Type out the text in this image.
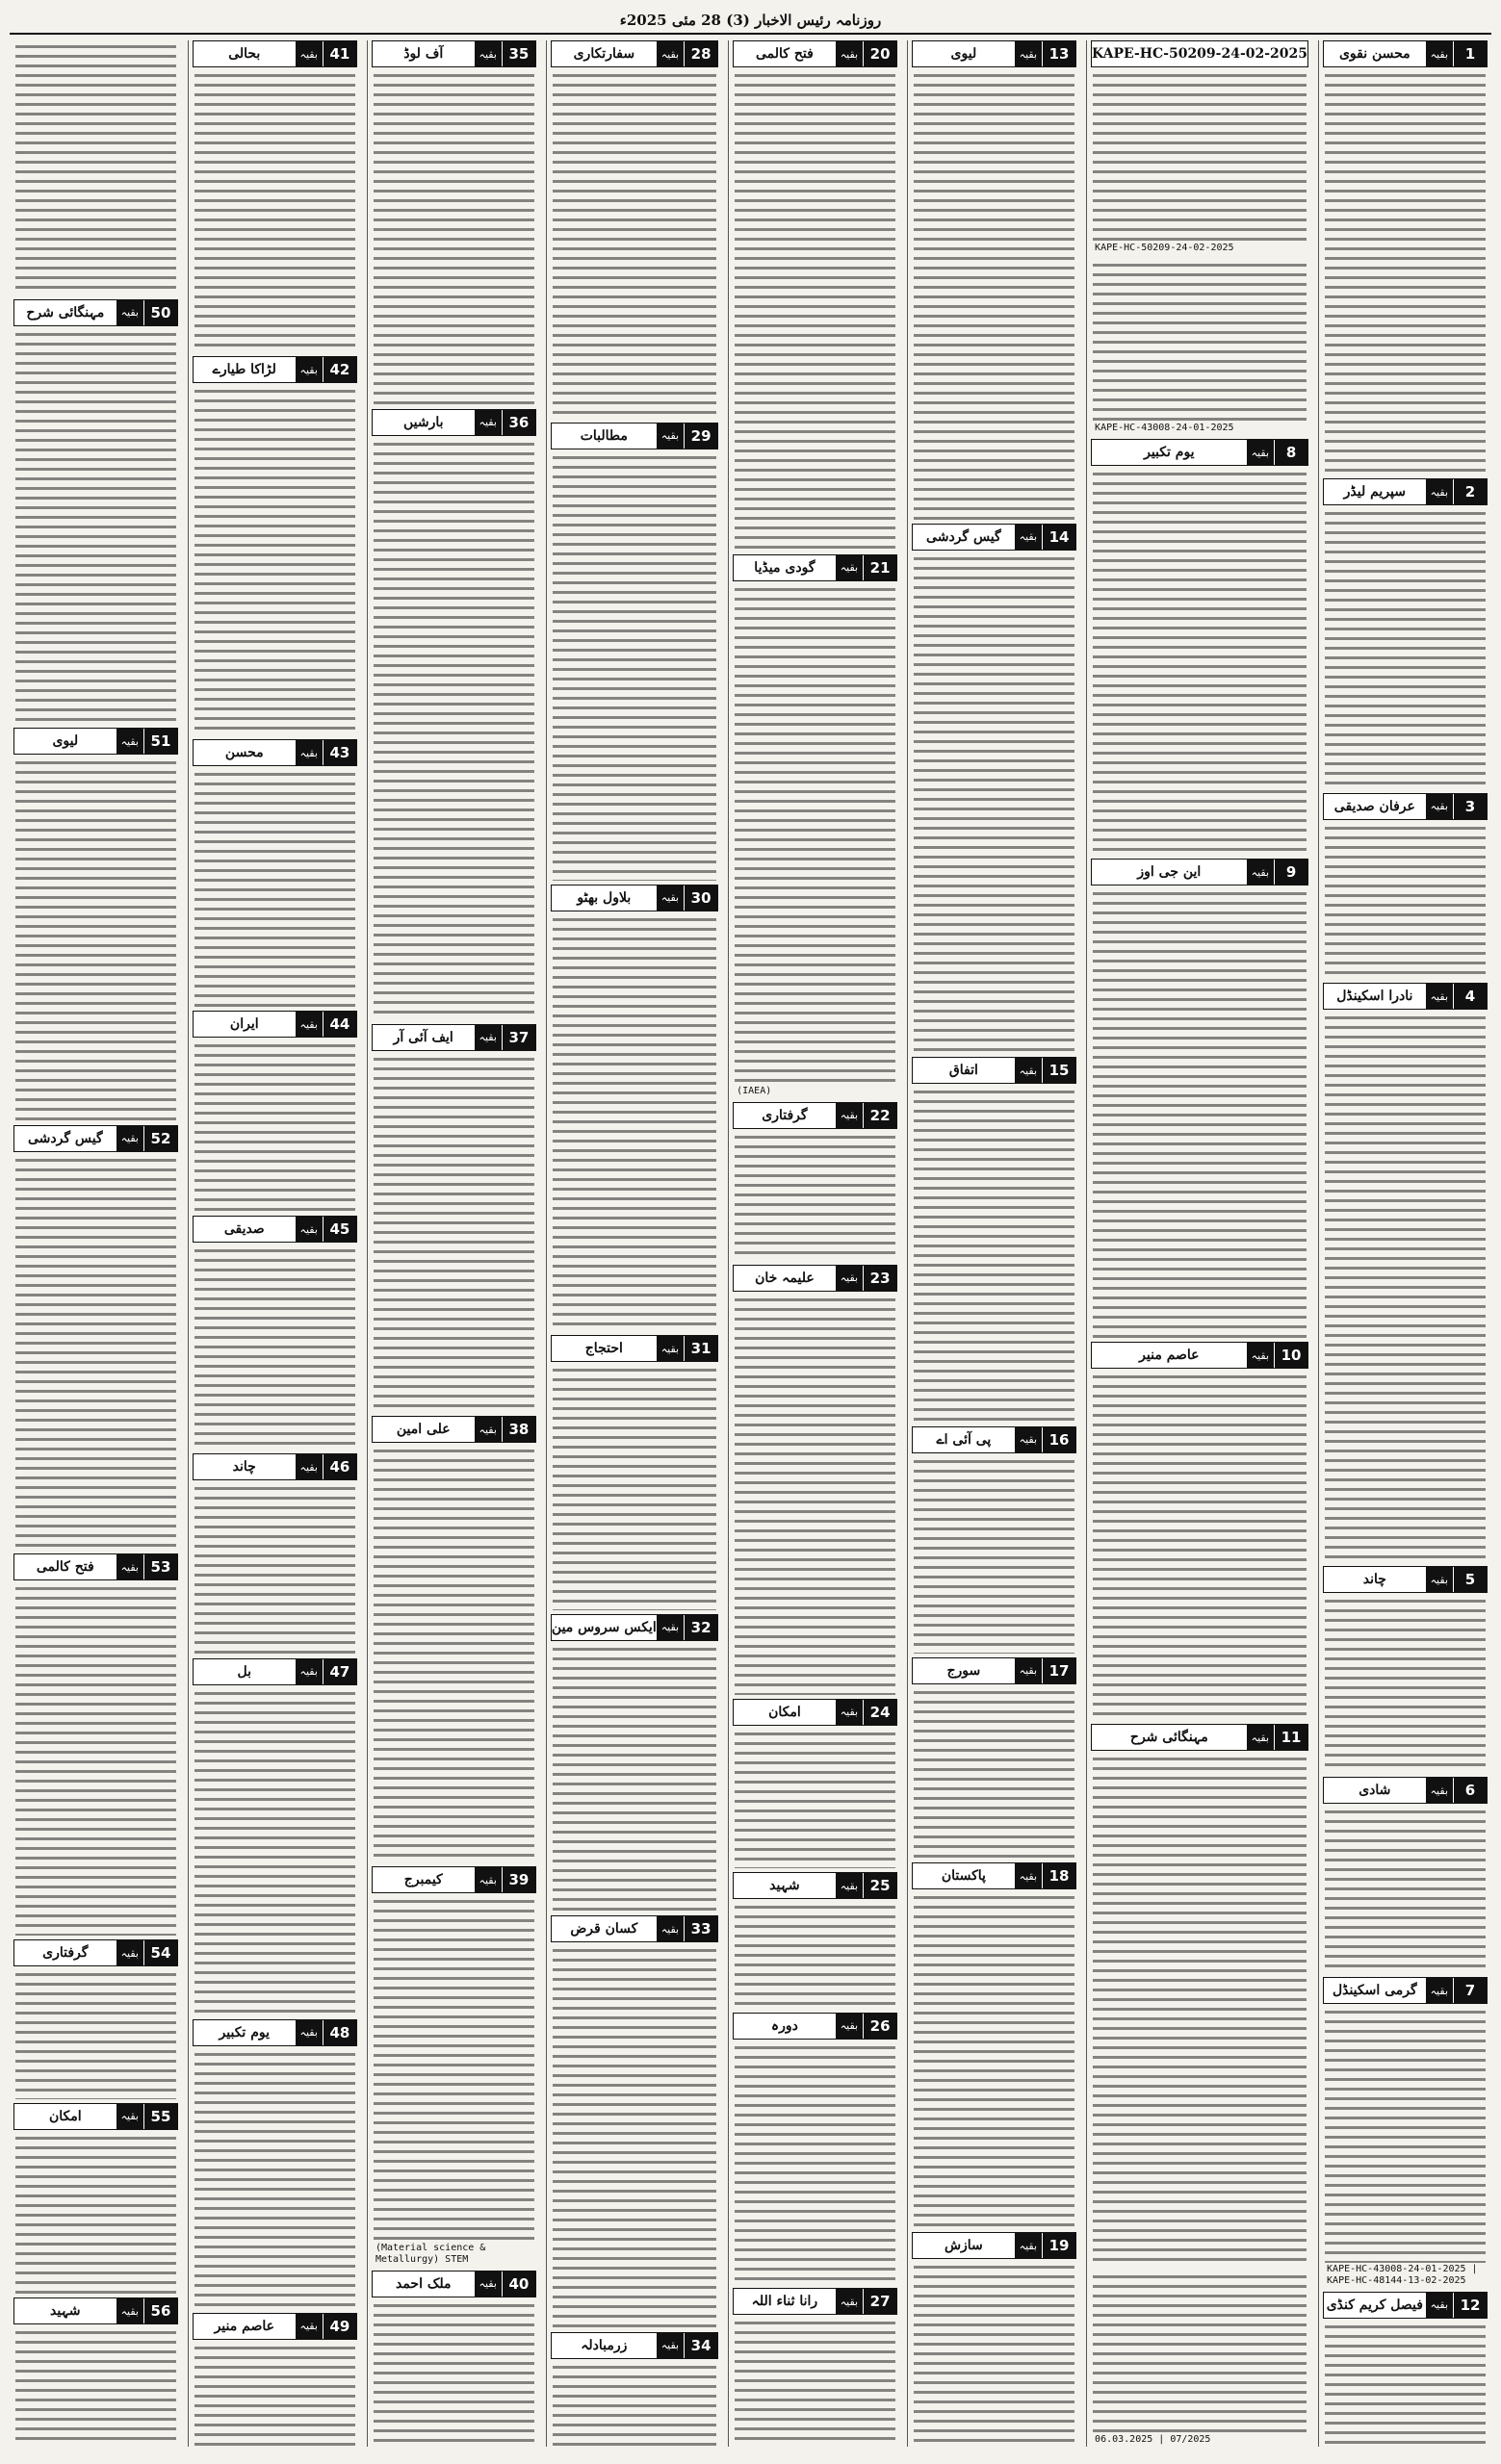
روزنامہ رئیس الاخبار (3) 28 مئی 2025ء
1
بقیہ
محسن نقوی
2
بقیہ
سپریم لیڈر
3
بقیہ
عرفان صدیقی
4
بقیہ
نادرا اسکینڈل
5
بقیہ
چاند
6
بقیہ
شادی
7
بقیہ
گرمی اسکینڈل
KAPE-HC-43008-24-01-2025 | KAPE-HC-48144-13-02-2025
12
بقیہ
فیصل کریم کنڈی
KAPE-HC-50209-24-02-2025
KAPE-HC-50209-24-02-2025
KAPE-HC-43008-24-01-2025
8
بقیہ
یوم تکبیر
9
بقیہ
این جی اوز
10
بقیہ
عاصم منیر
11
بقیہ
مہنگائی شرح
06.03.2025 | 07/2025
13
بقیہ
لیوی
14
بقیہ
گیس گردشی
15
بقیہ
اتفاق
16
بقیہ
پی آئی اے
17
بقیہ
سورج
18
بقیہ
پاکستان
19
بقیہ
سازش
20
بقیہ
فتح کالمی
21
بقیہ
گودی میڈیا
(IAEA)
22
بقیہ
گرفتاری
23
بقیہ
علیمہ خان
24
بقیہ
امکان
25
بقیہ
شہید
26
بقیہ
دورہ
27
بقیہ
رانا ثناء اللہ
28
بقیہ
سفارتکاری
29
بقیہ
مطالبات
30
بقیہ
بلاول بھٹو
31
بقیہ
احتجاج
32
بقیہ
ایکس سروس مین
33
بقیہ
کسان قرض
34
بقیہ
زرمبادلہ
35
بقیہ
آف لوڈ
36
بقیہ
بارشیں
37
بقیہ
ایف آئی آر
38
بقیہ
علی امین
39
بقیہ
کیمبرج
(Material science & Metallurgy) STEM
40
بقیہ
ملک احمد
41
بقیہ
بحالی
42
بقیہ
لڑاکا طیارے
43
بقیہ
محسن
44
بقیہ
ایران
45
بقیہ
صدیقی
46
بقیہ
چاند
47
بقیہ
بل
48
بقیہ
یوم تکبیر
49
بقیہ
عاصم منیر
50
بقیہ
مہنگائی شرح
51
بقیہ
لیوی
52
بقیہ
گیس گردشی
53
بقیہ
فتح کالمی
54
بقیہ
گرفتاری
55
بقیہ
امکان
56
بقیہ
شہید
